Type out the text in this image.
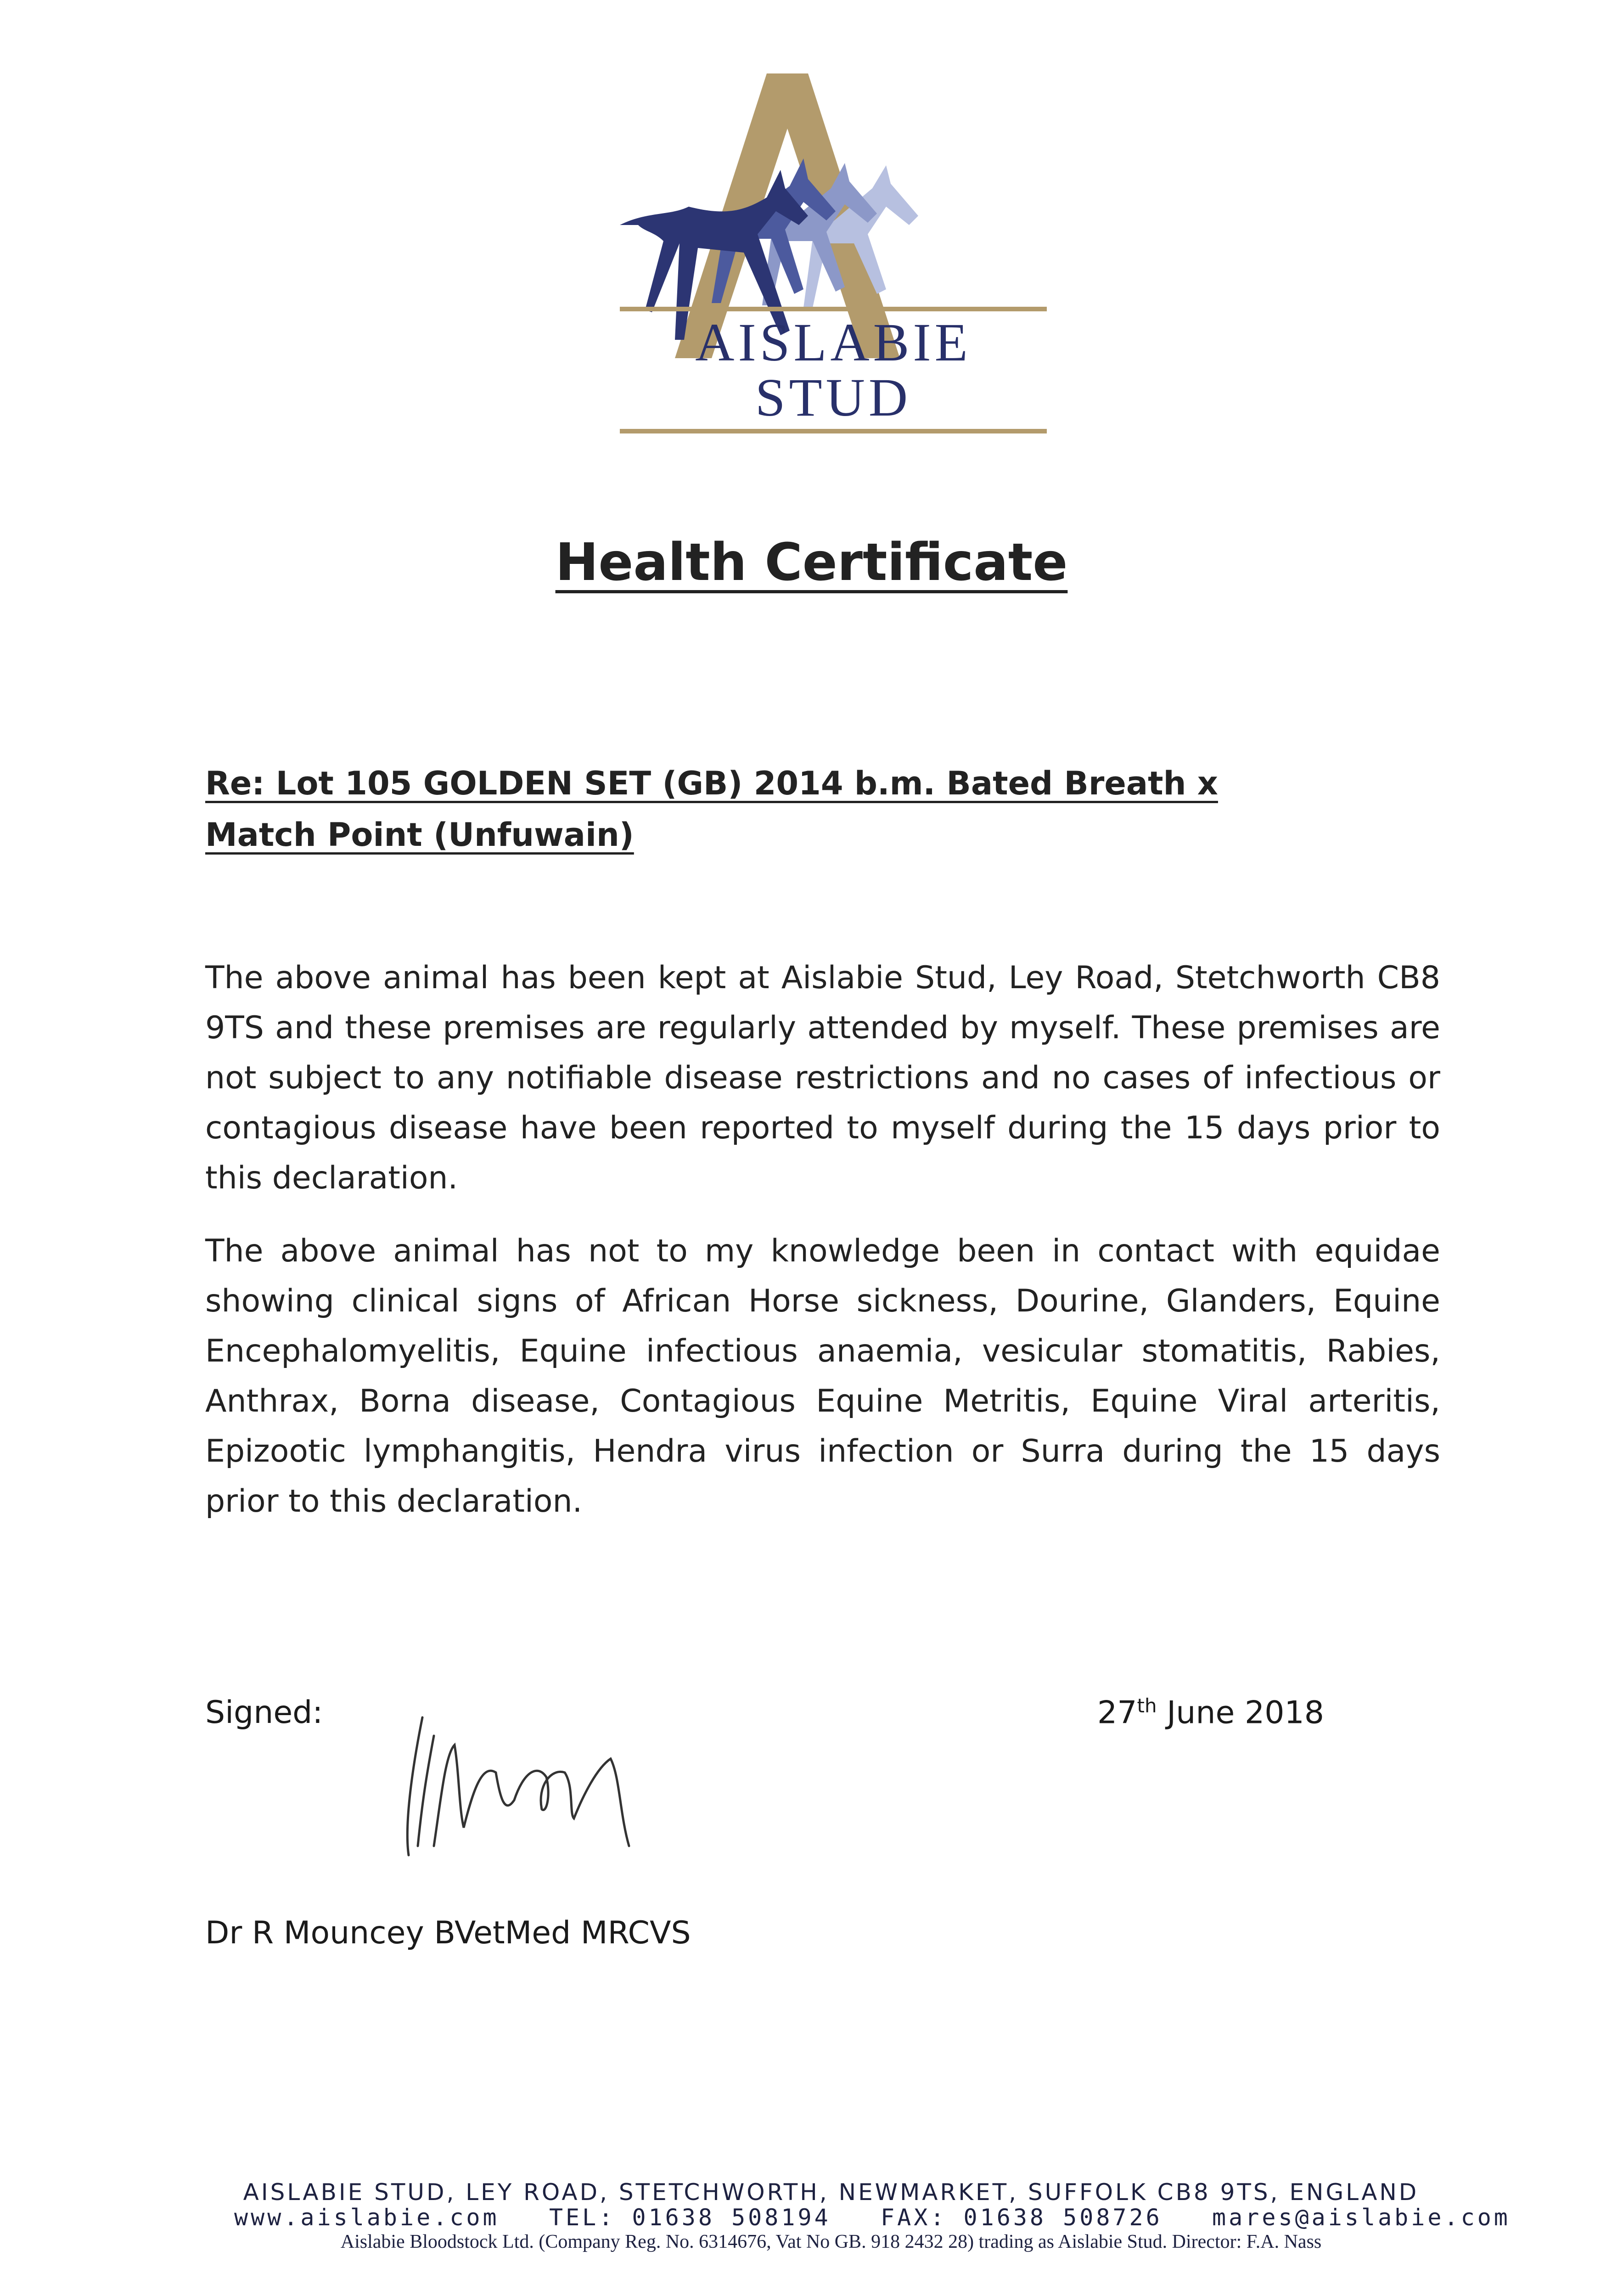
AISLABIE STUD
Health Certificate
Re: Lot 105 GOLDEN SET (GB) 2014 b.m. Bated Breath x Match Point (Unfuwain)
The above animal has been kept at Aislabie Stud, Ley Road, Stetchworth CB8 9TS and these premises are regularly attended by myself. These premises are not subject to any notifiable disease restrictions and no cases of infectious or contagious disease have been reported to myself during the 15 days prior to this declaration.
The above animal has not to my knowledge been in contact with equidae showing clinical signs of African Horse sickness, Dourine, Glanders, Equine Encephalomyelitis, Equine infectious anaemia, vesicular stomatitis, Rabies, Anthrax, Borna disease, Contagious Equine Metritis, Equine Viral arteritis, Epizootic lymphangitis, Hendra virus infection or Surra during the 15 days prior to this declaration.
Signed:	27th June 2018
Dr R Mouncey BVetMed MRCVS
AISLABIE STUD, LEY ROAD, STETCHWORTH, NEWMARKET, SUFFOLK CB8 9TS, ENGLAND
www.aislabie.com   TEL: 01638 508194   FAX: 01638 508726   mares@aislabie.com
Aislabie Bloodstock Ltd. (Company Reg. No. 6314676, Vat No GB. 918 2432 28) trading as Aislabie Stud. Director: F.A. Nass
